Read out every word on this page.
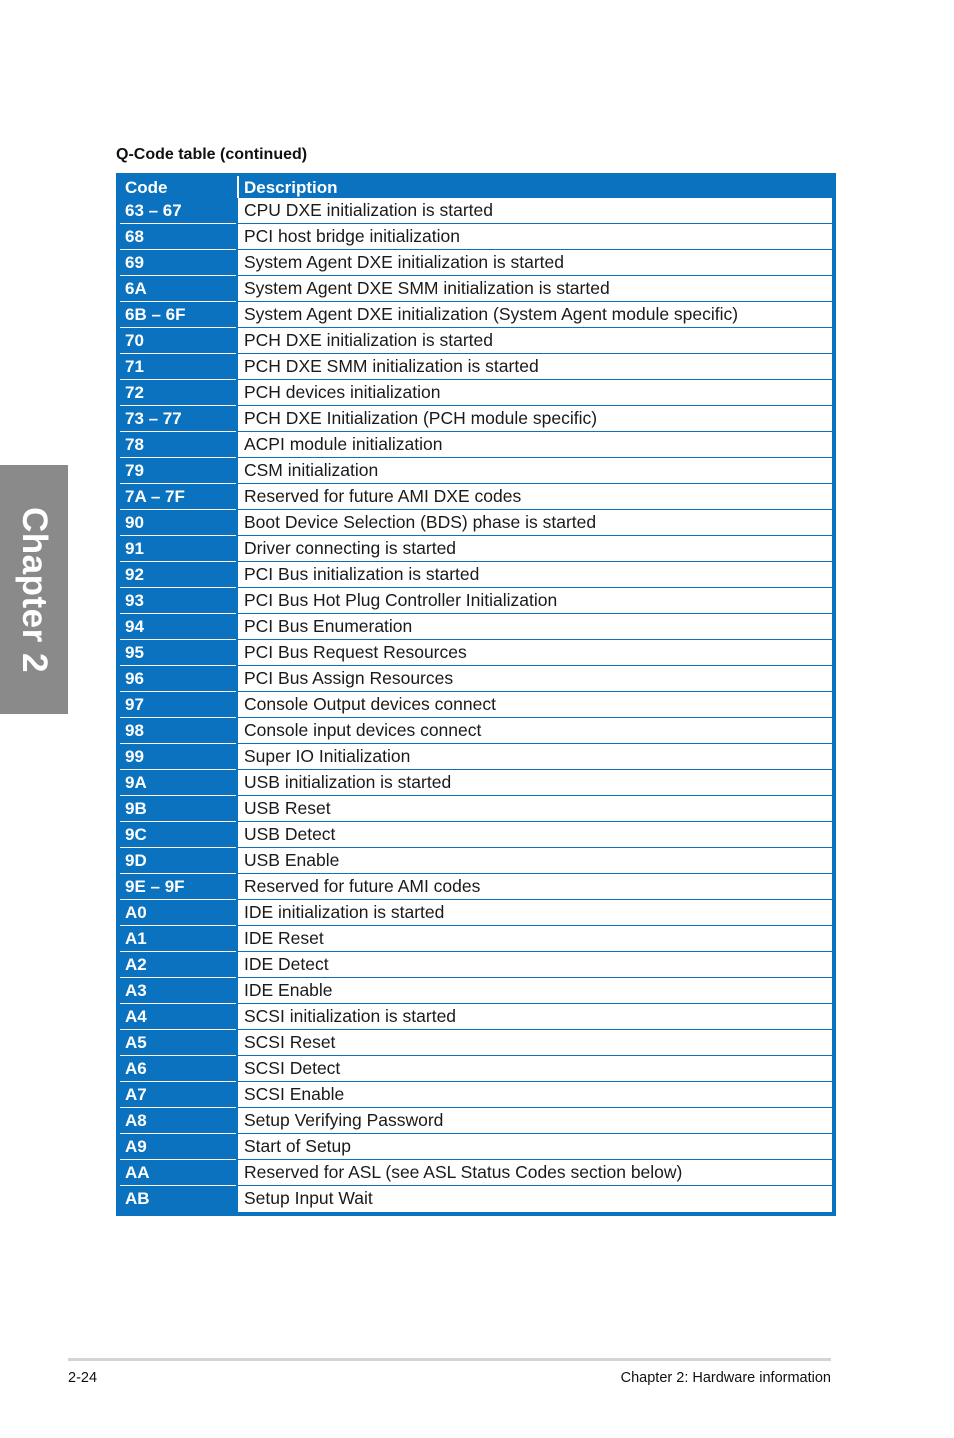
Chapter 2
Q-Code table (continued)
Code	Description
63 – 67	CPU DXE initialization is started
68	PCI host bridge initialization
69	System Agent DXE initialization is started
6A	System Agent DXE SMM initialization is started
6B – 6F	System Agent DXE initialization (System Agent module specific)
70	PCH DXE initialization is started
71	PCH DXE SMM initialization is started
72	PCH devices initialization
73 – 77	PCH DXE Initialization (PCH module specific)
78	ACPI module initialization
79	CSM initialization
7A – 7F	Reserved for future AMI DXE codes
90	Boot Device Selection (BDS) phase is started
91	Driver connecting is started
92	PCI Bus initialization is started
93	PCI Bus Hot Plug Controller Initialization
94	PCI Bus Enumeration
95	PCI Bus Request Resources
96	PCI Bus Assign Resources
97	Console Output devices connect
98	Console input devices connect
99	Super IO Initialization
9A	USB initialization is started
9B	USB Reset
9C	USB Detect
9D	USB Enable
9E – 9F	Reserved for future AMI codes
A0	IDE initialization is started
A1	IDE Reset
A2	IDE Detect
A3	IDE Enable
A4	SCSI initialization is started
A5	SCSI Reset
A6	SCSI Detect
A7	SCSI Enable
A8	Setup Verifying Password
A9	Start of Setup
AA	Reserved for ASL (see ASL Status Codes section below)
AB	Setup Input Wait
2-24	Chapter 2: Hardware information
